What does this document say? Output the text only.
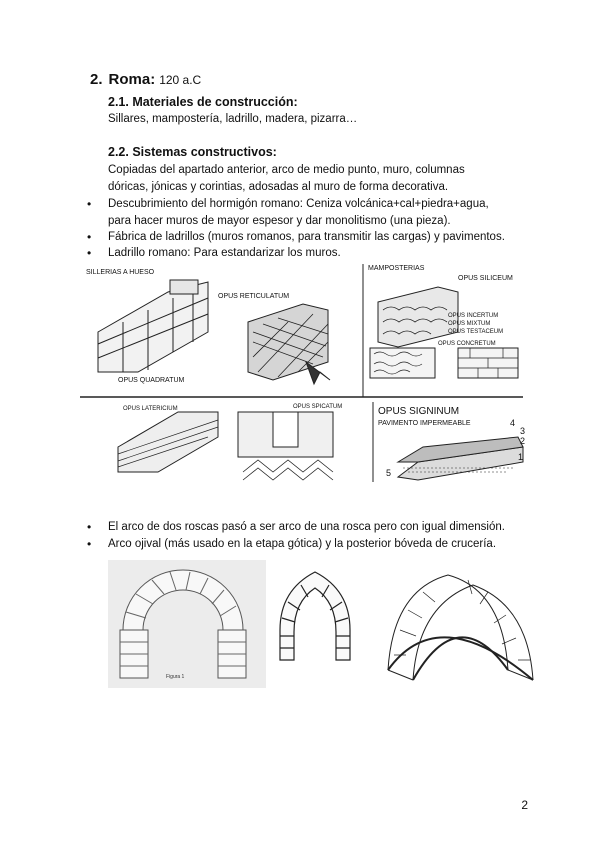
2. Roma: 120 a.C
2.1. Materiales de construcción:
Sillares, mampostería, ladrillo, madera, pizarra…
2.2. Sistemas constructivos:
Copiadas del apartado anterior, arco de medio punto, muro, columnas
dóricas, jónicas y corintias, adosadas al muro de forma decorativa.
• Descubrimiento del hormigón romano: Ceniza volcánica+cal+piedra+agua,
para hacer muros de mayor espesor y dar monolitismo (una pieza).
• Fábrica de ladrillos (muros romanos, para transmitir las cargas) y pavimentos.
• Ladrillo romano: Para estandarizar los muros.
SILLERIAS A HUESO
OPUS QUADRATUM
OPUS RETICULATUM
MAMPOSTERIAS
OPUS SILICEUM
OPUS INCERTUM
OPUS MIXTUM
OPUS TESTACEUM
OPUS CONCRETUM
OPUS LATERICIUM	OPUS SPICATUM	OPUS SIGNINUM
PAVIMENTO IMPERMEABLE
1
2
3
4
5
• El arco de dos roscas pasó a ser arco de una rosca pero con igual dimensión.
• Arco ojival (más usado en la etapa gótica) y la posterior bóveda de crucería.
Figura 1
2
